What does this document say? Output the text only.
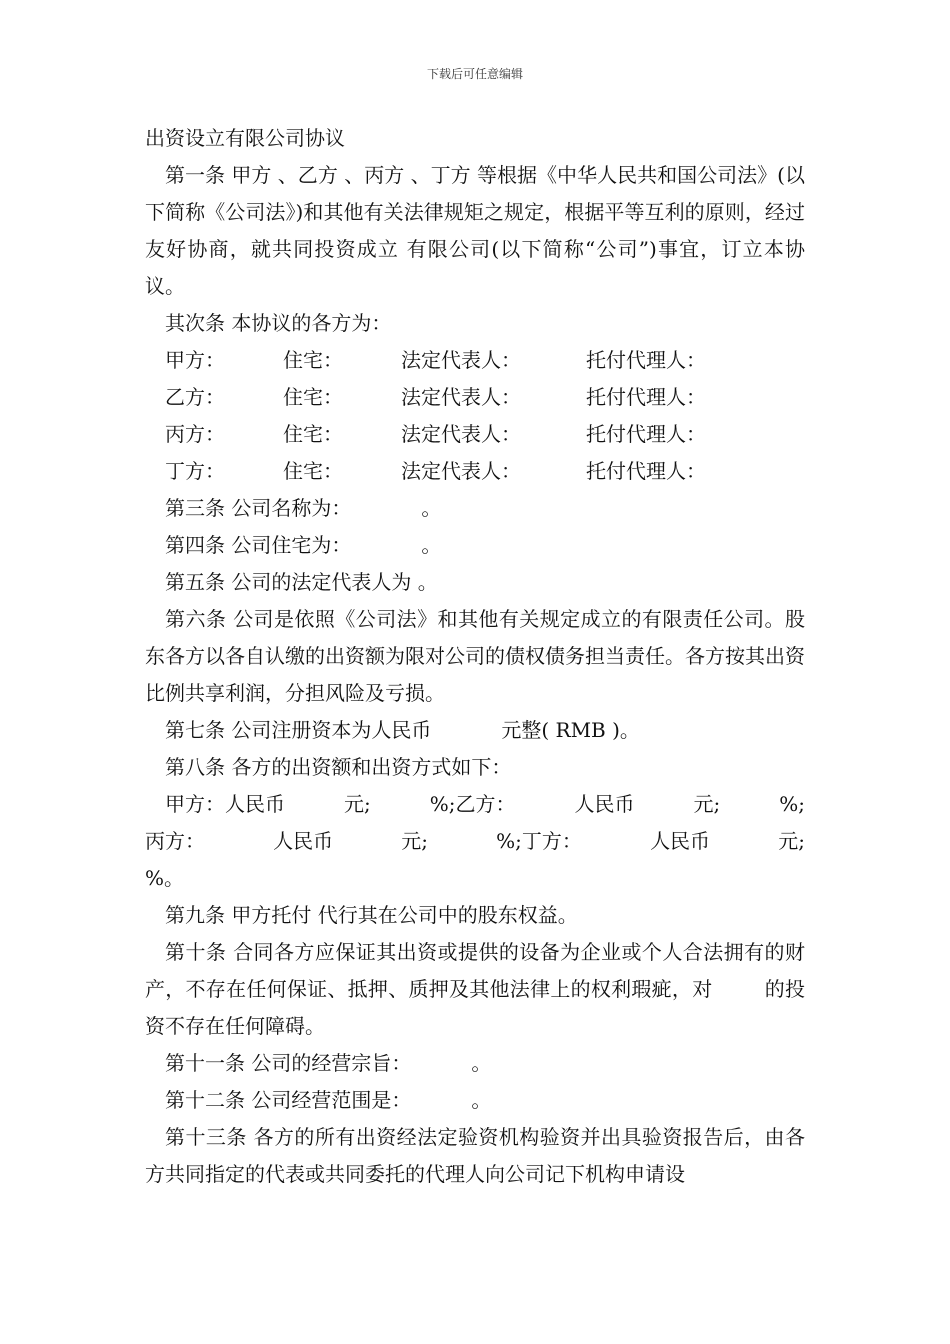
下载后可任意编辑

出资设立有限公司协议

第一条 甲方 、乙方 、丙方 、丁方 等根据《中华人民共和国公司法》(以下简称《公司法》)和其他有关法律规矩之规定，根据平等互利的原则，经过友好协商，就共同投资成立 有限公司(以下简称“公司”)事宜，订立本协议。

其次条 本协议的各方为：

甲方：	住宅：	法定代表人：	托付代理人：
乙方：	住宅：	法定代表人：	托付代理人：
丙方：	住宅：	法定代表人：	托付代理人：
丁方：	住宅：	法定代表人：	托付代理人：

第三条 公司名称为：	。

第四条 公司住宅为：	。

第五条 公司的法定代表人为 。

第六条 公司是依照《公司法》和其他有关规定成立的有限责任公司。股东各方以各自认缴的出资额为限对公司的债权债务担当责任。各方按其出资比例共享利润，分担风险及亏损。

第七条 公司注册资本为人民币	元整( RMB )。

第八条 各方的出资额和出资方式如下：

甲方：人民币	元;	%;乙方：	人民币	元;	%;
丙方：	人民币	元;	%;丁方：	人民币	元;

%。

第九条 甲方托付 代行其在公司中的股东权益。

第十条 合同各方应保证其出资或提供的设备为企业或个人合法拥有的财产，不存在任何保证、抵押、质押及其他法律上的权利瑕疵，对	的投资不存在任何障碍。

第十一条 公司的经营宗旨：	。

第十二条 公司经营范围是：	。

第十三条 各方的所有出资经法定验资机构验资并出具验资报告后，由各方共同指定的代表或共同委托的代理人向公司记下机构申请设
